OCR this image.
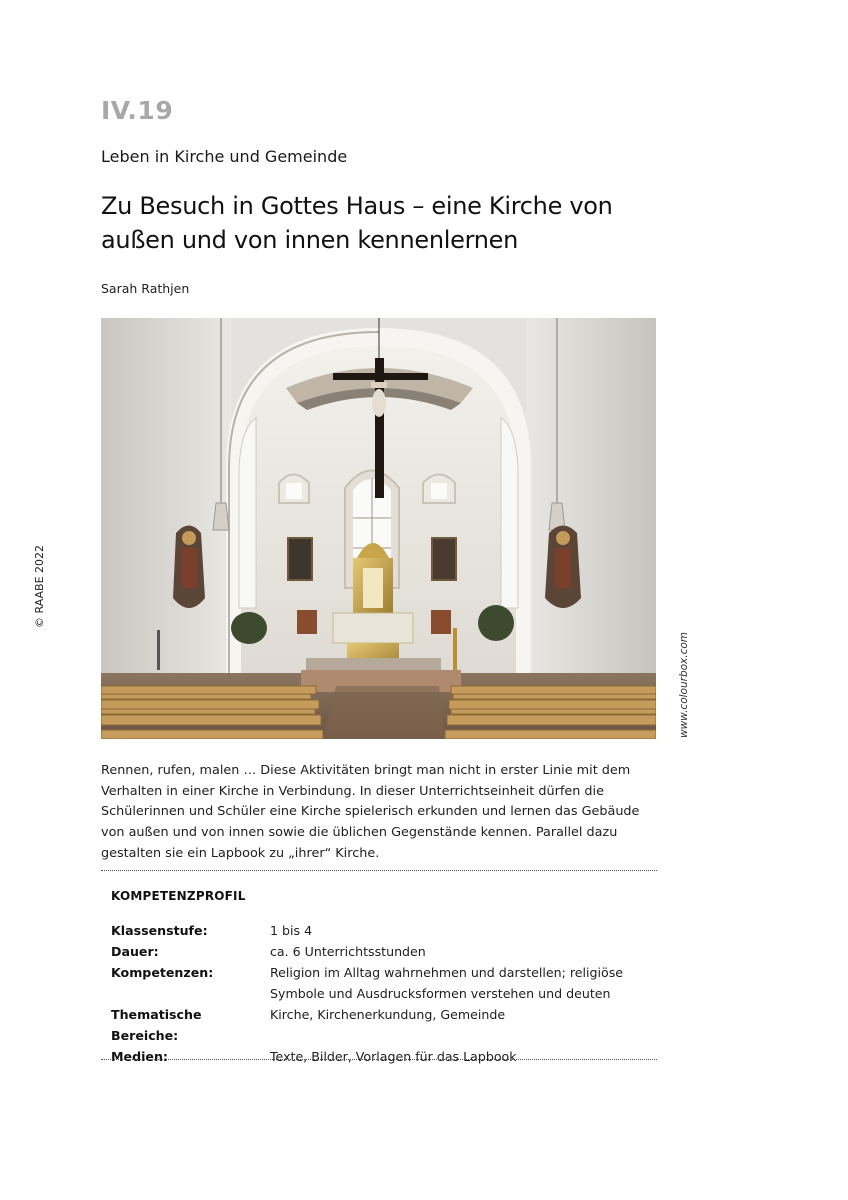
IV.19
Leben in Kirche und Gemeinde
Zu Besuch in Gottes Haus – eine Kirche von außen und von innen kennenlernen
Sarah Rathjen
© RAABE 2022
www.colourbox.com

Rennen, rufen, malen … Diese Aktivitäten bringt man nicht in erster Linie mit dem Verhalten in einer Kirche in Verbindung. In dieser Unterrichtseinheit dürfen die Schülerinnen und Schüler eine Kirche spielerisch erkunden und lernen das Gebäude von außen und von innen sowie die üblichen Gegenstände kennen. Parallel dazu gestalten sie ein Lapbook zu „ihrer“ Kirche.

KOMPETENZPROFIL
Klassenstufe:	1 bis 4
Dauer:	ca. 6 Unterrichtsstunden
Kompetenzen:	Religion im Alltag wahrnehmen und darstellen; religiöse Symbole und Ausdrucksformen verstehen und deuten
Thematische Bereiche:
Kirche, Kirchenerkundung, Gemeinde
Medien:	Texte, Bilder, Vorlagen für das Lapbook
